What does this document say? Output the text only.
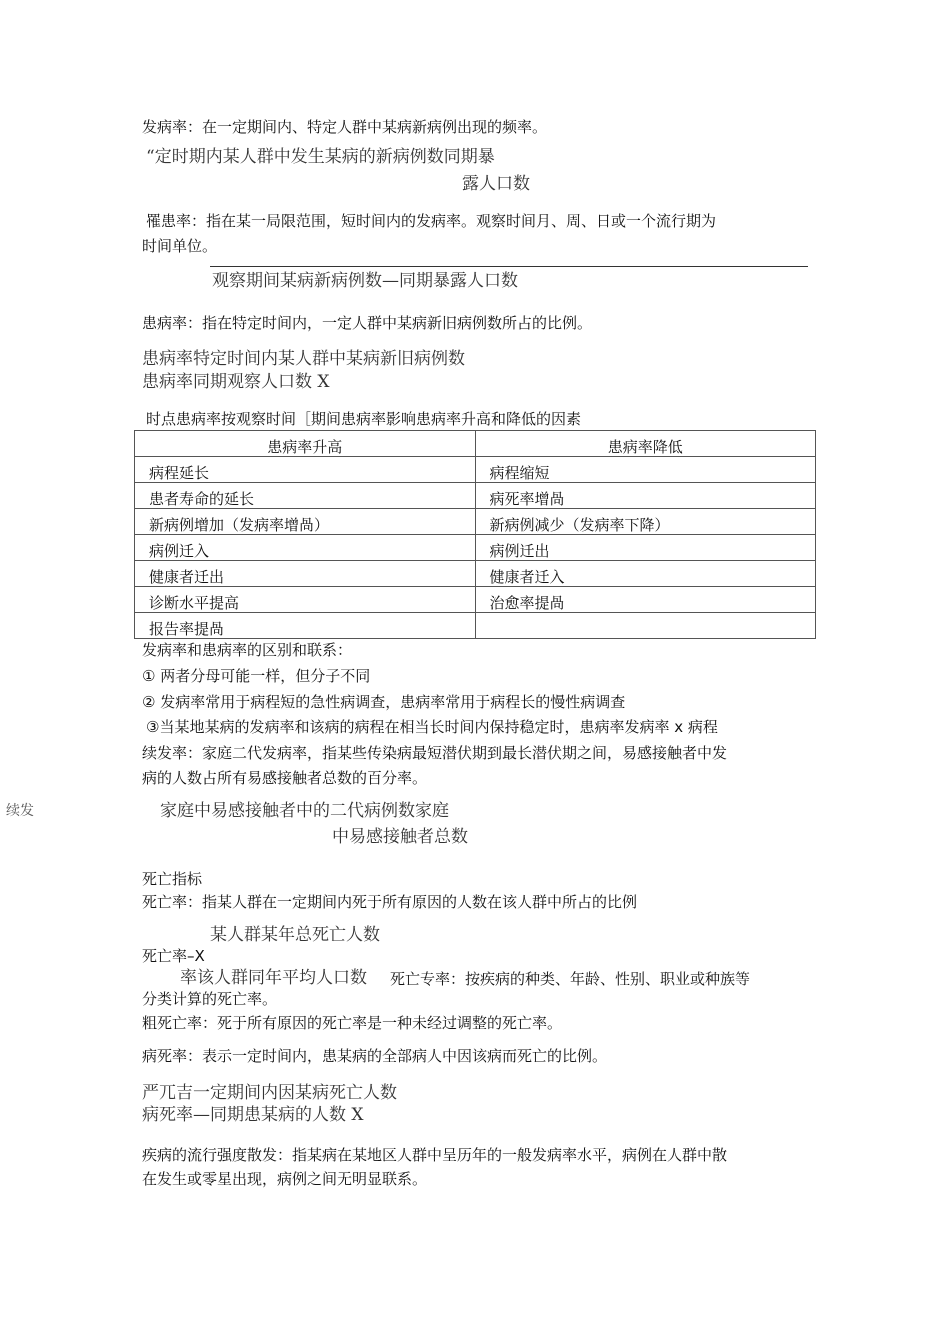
发病率：在一定期间内、特定人群中某病新病例出现的频率。
“定时期内某人群中发生某病的新病例数同期暴
露人口数
罹患率：指在某一局限范围，短时间内的发病率。观察时间月、周、日或一个流行期为
时间单位。
观察期间某病新病例数—同期暴露人口数
患病率：指在特定时间内，一定人群中某病新旧病例数所占的比例。
患病率特定时间内某人群中某病新旧病例数
患病率同期观察人口数 X
时点患病率按观察时间［期间患病率影响患病率升高和降低的因素
患病率升高	患病率降低
病程延长	病程缩短
患者寿命的延长	病死率增咼
新病例增加（发病率增咼）	新病例减少（发病率下降）
病例迁入	病例迁出
健康者迁出	健康者迁入
诊断水平提高	治愈率提咼
报告率提咼	
发病率和患病率的区别和联系：
① 两者分母可能一样，但分子不同
② 发病率常用于病程短的急性病调查，患病率常用于病程长的慢性病调查
③当某地某病的发病率和该病的病程在相当长时间内保持稳定时，患病率发病率 x 病程
续发率：家庭二代发病率，指某些传染病最短潜伏期到最长潜伏期之间，易感接触者中发
病的人数占所有易感接触者总数的百分率。
续发	家庭中易感接触者中的二代病例数家庭
中易感接触者总数
死亡指标
死亡率：指某人群在一定期间内死于所有原因的人数在该人群中所占的比例
某人群某年总死亡人数
死亡率–X
率该人群同年平均人口数 死亡专率：按疾病的种类、年龄、性别、职业或种族等
分类计算的死亡率。
粗死亡率：死于所有原因的死亡率是一种未经过调整的死亡率。
病死率：表示一定时间内，患某病的全部病人中因该病而死亡的比例。
严兀吉一定期间内因某病死亡人数
病死率—同期患某病的人数 X
疾病的流行强度散发：指某病在某地区人群中呈历年的一般发病率水平，病例在人群中散
在发生或零星出现，病例之间无明显联系。
